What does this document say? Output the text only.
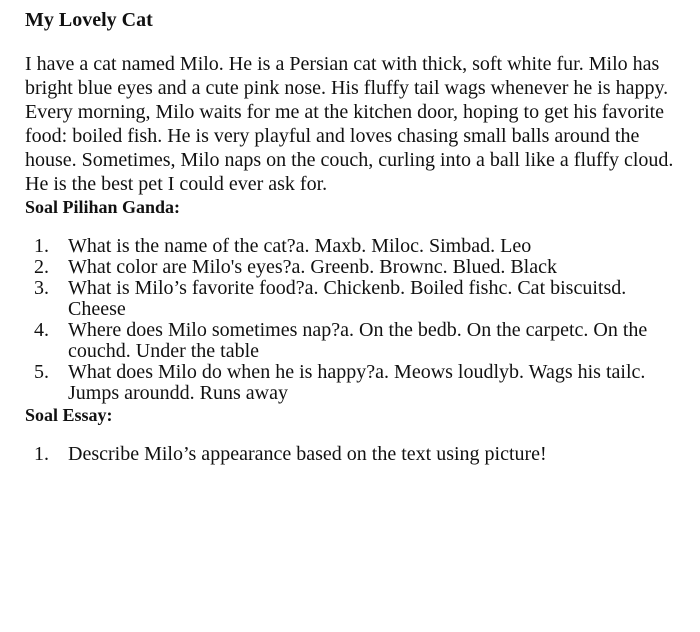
My Lovely Cat

I have a cat named Milo. He is a Persian cat with thick, soft white fur. Milo has bright blue eyes and a cute pink nose. His fluffy tail wags whenever he is happy. Every morning, Milo waits for me at the kitchen door, hoping to get his favorite food: boiled fish. He is very playful and loves chasing small balls around the house. Sometimes, Milo naps on the couch, curling into a ball like a fluffy cloud. He is the best pet I could ever ask for.

Soal Pilihan Ganda:
1. What is the name of the cat?a. Maxb. Miloc. Simbad. Leo
2. What color are Milo's eyes?a. Greenb. Brownc. Blued. Black
3. What is Milo’s favorite food?a. Chickenb. Boiled fishc. Cat biscuitsd. Cheese
4. Where does Milo sometimes nap?a. On the bedb. On the carpetc. On the couchd. Under the table
5. What does Milo do when he is happy?a. Meows loudlyb. Wags his tailc. Jumps aroundd. Runs away
Soal Essay:
1. Describe Milo’s appearance based on the text using picture!
